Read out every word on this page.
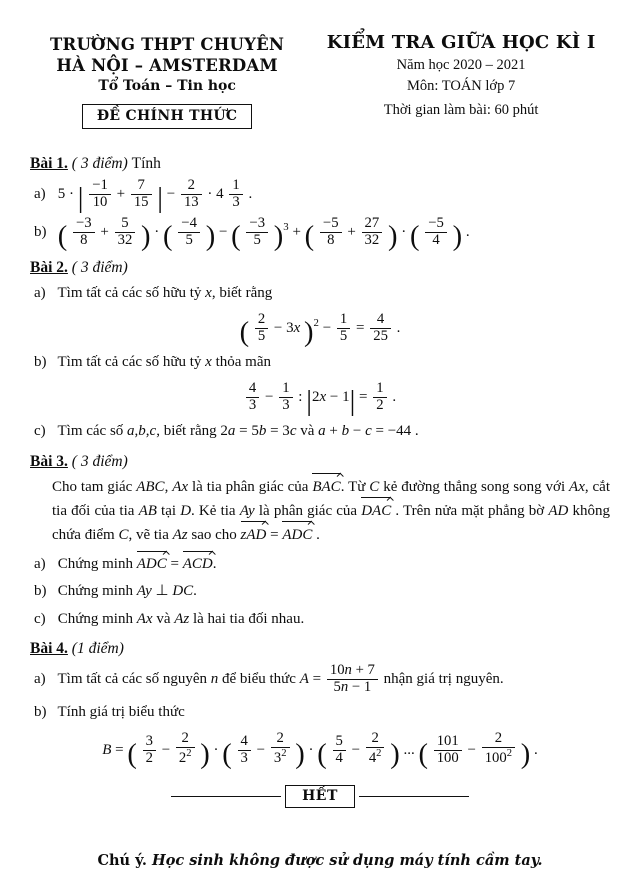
TRƯỜNG THPT CHUYÊN
HÀ NỘI – AMSTERDAM
Tổ Toán – Tin học
ĐỀ CHÍNH THỨC
KIỂM TRA GIỮA HỌC KÌ I
Năm học 2020 – 2021
Môn: TOÁN lớp 7
Thời gian làm bài: 60 phút
Bài 1. ( 3 điểm) Tính
a) 5 · | $\frac{-1}{10} + \frac{7}{15}$ | − $\frac{2}{13} \cdot 4 \frac{1}{3}$ .
b) ( $\frac{-3}{8} + \frac{5}{32}$ ) · ( $\frac{-4}{5}$ ) − ( $\frac{-3}{5} )^3$ + ( $\frac{-5}{8} + \frac{27}{32}$ ) · ( $\frac{-5}{4}$ ) .
Bài 2. ( 3 điểm)
a) Tìm tất cả các số hữu tỷ x, biết rằng
( $\frac{2}{5} - 3x$ )$^2 - \frac{1}{5} = \frac{4}{25}$ .
b) Tìm tất cả các số hữu tỷ x thỏa mãn
$\frac{4}{3} - \frac{1}{3}$ : $|2x - 1| = \frac{1}{2}$ .
c) Tìm các số a,b,c, biết rằng 2a = 5b = 3c và a + b − c = −44 .
Bài 3. ( 3 điểm)
Cho tam giác ABC, Ax là tia phân giác của BAC. Từ C kẻ đường thẳng song song với Ax, cắt tia đối của tia AB tại D. Kẻ tia Ay là phân giác của DAC . Trên nửa mặt phẳng bờ AD không chứa điểm C, vẽ tia Az sao cho zAD = ADC .
a) Chứng minh ADC = ACD.
b) Chứng minh Ay ⊥ DC.
c) Chứng minh Ax và Az là hai tia đối nhau.
Bài 4. (1 điểm)
a) Tìm tất cả các số nguyên n để biểu thức $A = \frac{10n + 7}{5n - 1}$ nhận giá trị nguyên.
b) Tính giá trị biểu thức
B = ( $\frac{3}{2} - \frac{2}{2^2}$ ) · ( $\frac{4}{3} - \frac{2}{3^2}$ ) · ( $\frac{5}{4} - \frac{2}{4^2}$ ) ... ( $\frac{101}{100} - \frac{2}{100^2}$ ) .
HẾT
Chú ý. Học sinh không được sử dụng máy tính cầm tay.
